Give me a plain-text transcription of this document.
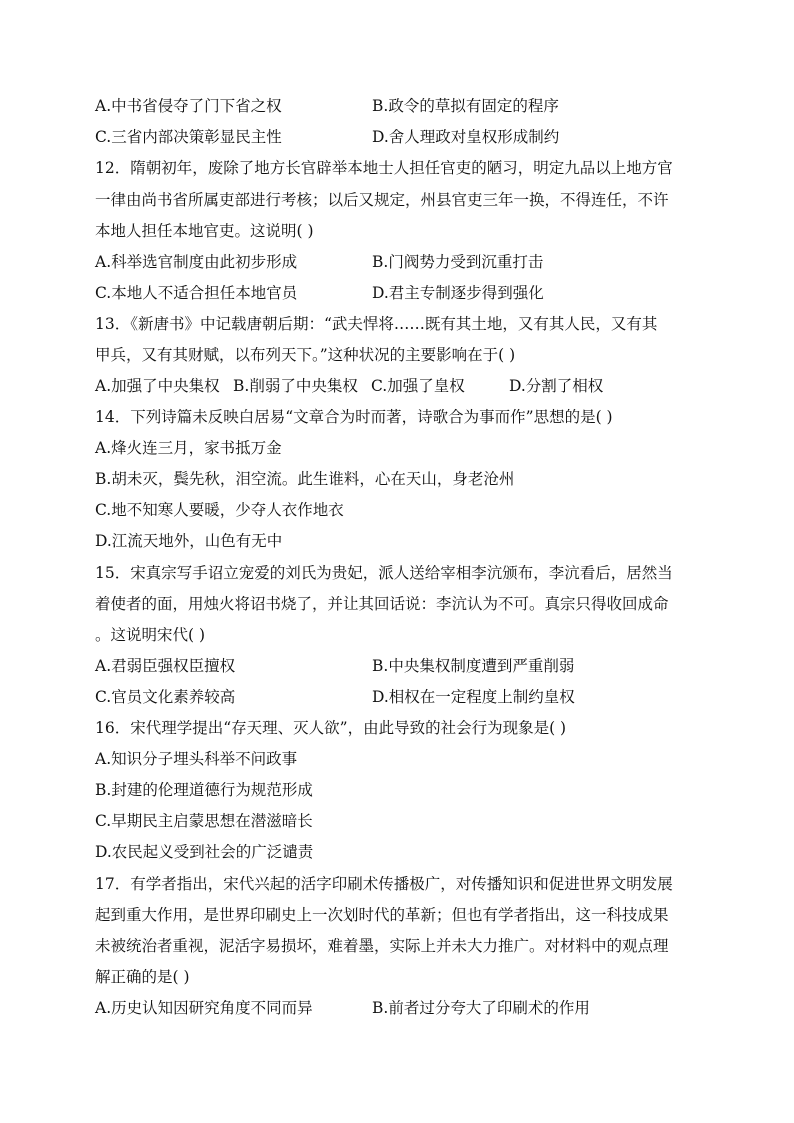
A.中书省侵夺了门下省之权	B.政令的草拟有固定的程序
C.三省内部决策彰显民主性	D.舍人理政对皇权形成制约
12．隋朝初年，废除了地方长官辟举本地士人担任官吏的陋习，明定九品以上地方官
一律由尚书省所属吏部进行考核；以后又规定，州县官吏三年一换，不得连任，不许
本地人担任本地官吏。这说明( )
A.科举选官制度由此初步形成	B.门阀势力受到沉重打击
C.本地人不适合担任本地官员	D.君主专制逐步得到强化
13．《新唐书》中记载唐朝后期：“武夫悍将……既有其土地，又有其人民，又有其
甲兵，又有其财赋，以布列天下。”这种状况的主要影响在于( )
A.加强了中央集权 B.削弱了中央集权 C.加强了皇权	D.分割了相权
14．下列诗篇未反映白居易“文章合为时而著，诗歌合为事而作”思想的是( )
A.烽火连三月，家书抵万金
B.胡未灭，鬓先秋，泪空流。此生谁料，心在天山，身老沧州
C.地不知寒人要暖，少夺人衣作地衣
D.江流天地外，山色有无中
15．宋真宗写手诏立宠爱的刘氏为贵妃，派人送给宰相李沆颁布，李沆看后，居然当
着使者的面，用烛火将诏书烧了，并让其回话说：李沆认为不可。真宗只得收回成命
。这说明宋代( )
A.君弱臣强权臣擅权	B.中央集权制度遭到严重削弱
C.官员文化素养较高	D.相权在一定程度上制约皇权
16．宋代理学提出“存天理、灭人欲”，由此导致的社会行为现象是( )
A.知识分子埋头科举不问政事
B.封建的伦理道德行为规范形成
C.早期民主启蒙思想在潜滋暗长
D.农民起义受到社会的广泛谴责
17．有学者指出，宋代兴起的活字印刷术传播极广，对传播知识和促进世界文明发展
起到重大作用，是世界印刷史上一次划时代的革新；但也有学者指出，这一科技成果
未被统治者重视，泥活字易损坏，难着墨，实际上并未大力推广。对材料中的观点理
解正确的是( )
A.历史认知因研究角度不同而异	B.前者过分夸大了印刷术的作用
